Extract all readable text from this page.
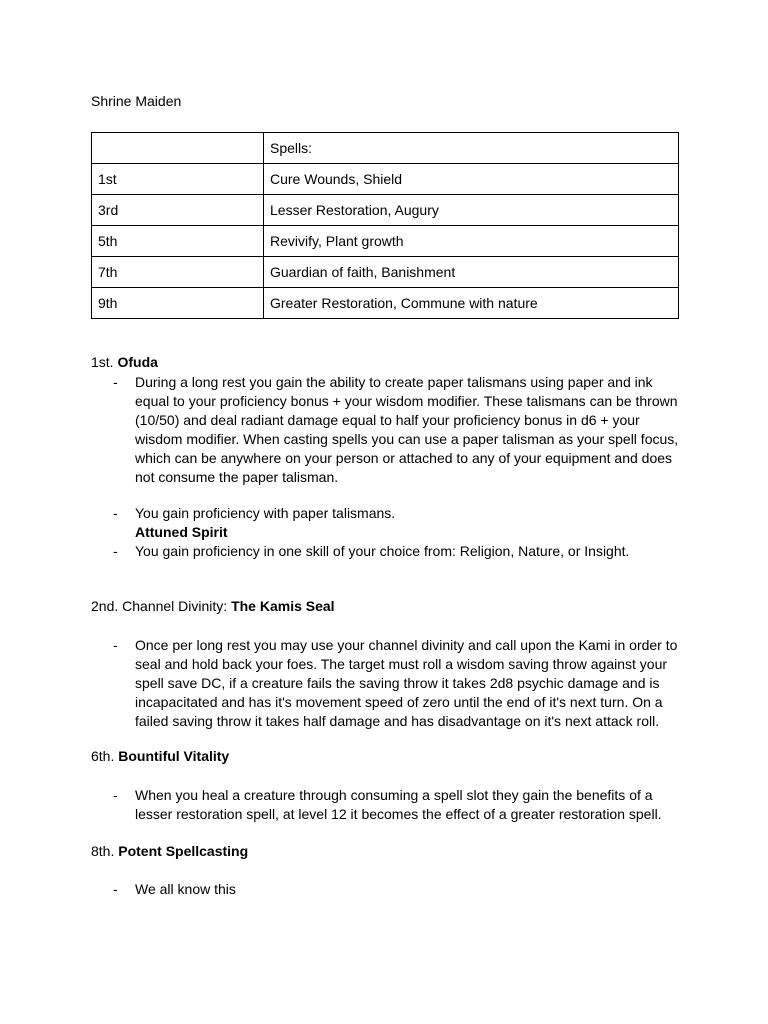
Shrine Maiden
	Spells:
1st	Cure Wounds, Shield
3rd	Lesser Restoration, Augury
5th	Revivify, Plant growth
7th	Guardian of faith, Banishment
9th	Greater Restoration, Commune with nature
1st. Ofuda
- During a long rest you gain the ability to create paper talismans using paper and ink equal to your proficiency bonus + your wisdom modifier. These talismans can be thrown (10/50) and deal radiant damage equal to half your proficiency bonus in d6 + your wisdom modifier. When casting spells you can use a paper talisman as your spell focus, which can be anywhere on your person or attached to any of your equipment and does not consume the paper talisman.
- You gain proficiency with paper talismans.
Attuned Spirit
- You gain proficiency in one skill of your choice from: Religion, Nature, or Insight.
2nd. Channel Divinity: The Kamis Seal
- Once per long rest you may use your channel divinity and call upon the Kami in order to seal and hold back your foes. The target must roll a wisdom saving throw against your spell save DC, if a creature fails the saving throw it takes 2d8 psychic damage and is incapacitated and has it's movement speed of zero until the end of it's next turn. On a failed saving throw it takes half damage and has disadvantage on it's next attack roll.
6th. Bountiful Vitality
- When you heal a creature through consuming a spell slot they gain the benefits of a lesser restoration spell, at level 12 it becomes the effect of a greater restoration spell.
8th. Potent Spellcasting
- We all know this
